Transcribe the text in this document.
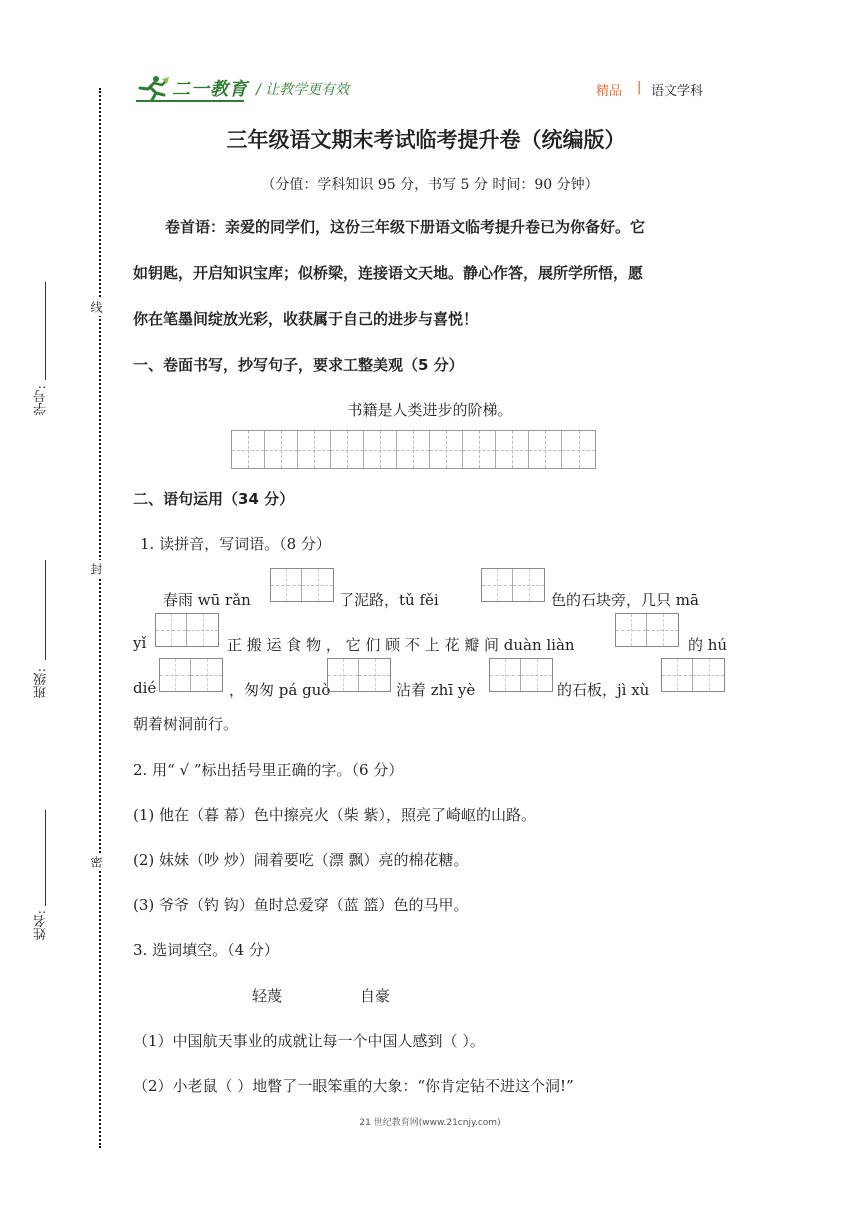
二一教育 / 让教学更有效	精品 | 语文学科
三年级语文期末考试临考提升卷（统编版）
（分值：学科知识 95 分，书写 5 分 时间：90 分钟）
卷首语：亲爱的同学们，这份三年级下册语文临考提升卷已为你备好。它
如钥匙，开启知识宝库；似桥梁，连接语文天地。静心作答，展所学所悟，愿
你在笔墨间绽放光彩，收获属于自己的进步与喜悦！
一、卷面书写，抄写句子，要求工整美观（5 分）
书籍是人类进步的阶梯。
二、语句运用（34 分）
1. 读拼音，写词语。（8 分）
春雨 wū rǎn	了泥路，tǔ fěi	色的石块旁，几只 mā
yǐ	正 搬 运 食 物 ， 它 们 顾 不 上 花 瓣 间 duàn liàn	的 hú
dié	，匆匆 pá guò	沾着 zhī yè	的石板，jì xù
朝着树洞前行。
2. 用“ √ ”标出括号里正确的字。（6 分）
(1) 他在（暮 幕）色中擦亮火（柴 紫），照亮了崎岖的山路。
(2) 妹妹（吵 炒）闹着要吃（漂 飘）亮的棉花糖。
(3) 爷爷（钓 钩）鱼时总爱穿（蓝 篮）色的马甲。
3. 选词填空。（4 分）
轻蔑	自豪
（1）中国航天事业的成就让每一个中国人感到（ ）。
（2）小老鼠（ ）地瞥了一眼笨重的大象：“你肯定钻不进这个洞!”
线
封
密
学号:
班级:
姓名:
21 世纪教育网(www.21cnjy.com)
